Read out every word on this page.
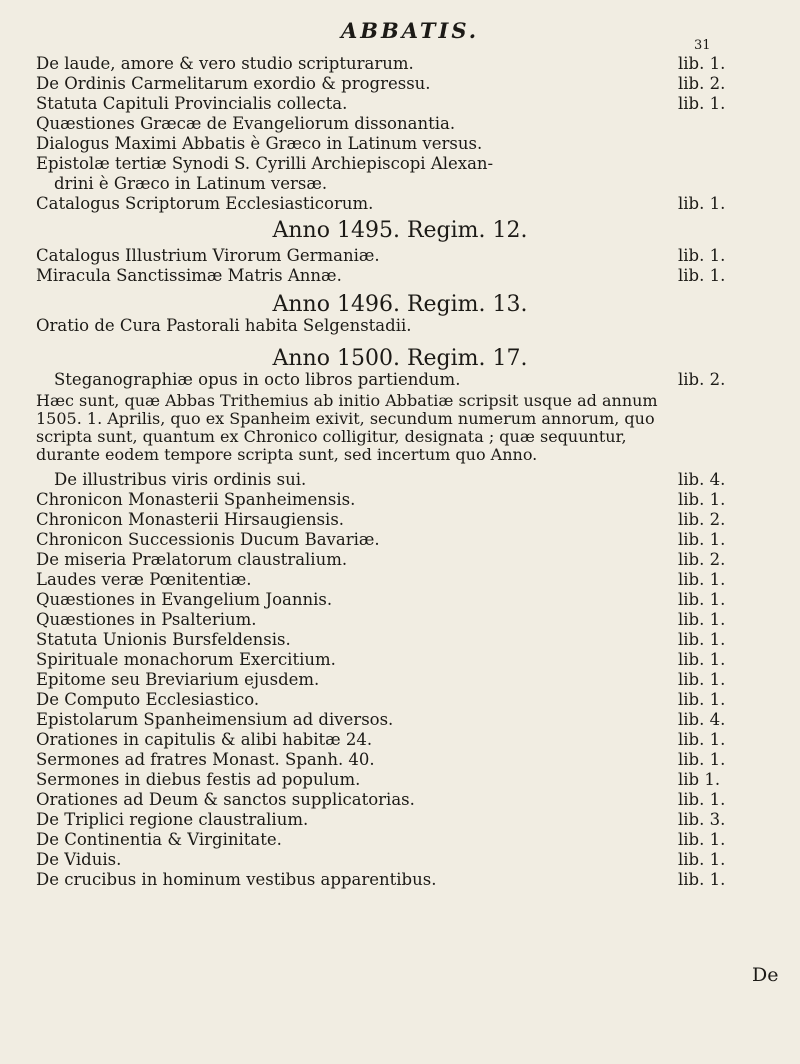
ABBATIS.
31
De laude, amore & vero studio scripturarum.	lib. 1.
De Ordinis Carmelitarum exordio & progressu.	lib. 2.
Statuta Capituli Provincialis collecta.	lib. 1.
Quæstiones Græcæ de Evangeliorum dissonantia.
Dialogus Maximi Abbatis è Græco in Latinum versus.
Epistolæ tertiæ Synodi S. Cyrilli Archiepiscopi Alexan-
drini è Græco in Latinum versæ.
Catalogus Scriptorum Ecclesiasticorum.	lib. 1.
Anno 1495. Regim. 12.
Catalogus Illustrium Virorum Germaniæ.	lib. 1.
Miracula Sanctissimæ Matris Annæ.	lib. 1.
Anno 1496. Regim. 13.
Oratio de Cura Pastorali habita Selgenstadii.
Anno 1500. Regim. 17.
Steganographiæ opus in octo libros partiendum.	lib. 2.
Hæc sunt, quæ Abbas Trithemius ab initio Abbatiæ scripsit usque ad annum
1505. 1. Aprilis, quo ex Spanheim exivit, secundum numerum annorum, quo
scripta sunt, quantum ex Chronico colligitur, designata ; quæ sequuntur,
durante eodem tempore scripta sunt, sed incertum quo Anno.
De illustribus viris ordinis sui.	lib. 4.
Chronicon Monasterii Spanheimensis.	lib. 1.
Chronicon Monasterii Hirsaugiensis.	lib. 2.
Chronicon Successionis Ducum Bavariæ.	lib. 1.
De miseria Prælatorum claustralium.	lib. 2.
Laudes veræ Pœnitentiæ.	lib. 1.
Quæstiones in Evangelium Joannis.	lib. 1.
Quæstiones in Psalterium.	lib. 1.
Statuta Unionis Bursfeldensis.	lib. 1.
Spirituale monachorum Exercitium.	lib. 1.
Epitome seu Breviarium ejusdem.	lib. 1.
De Computo Ecclesiastico.	lib. 1.
Epistolarum Spanheimensium ad diversos.	lib. 4.
Orationes in capitulis & alibi habitæ 24.	lib. 1.
Sermones ad fratres Monast. Spanh. 40.	lib. 1.
Sermones in diebus festis ad populum.	lib 1.
Orationes ad Deum & sanctos supplicatorias.	lib. 1.
De Triplici regione claustralium.	lib. 3.
De Continentia & Virginitate.	lib. 1.
De Viduis.	lib. 1.
De crucibus in hominum vestibus apparentibus.	lib. 1.
De
